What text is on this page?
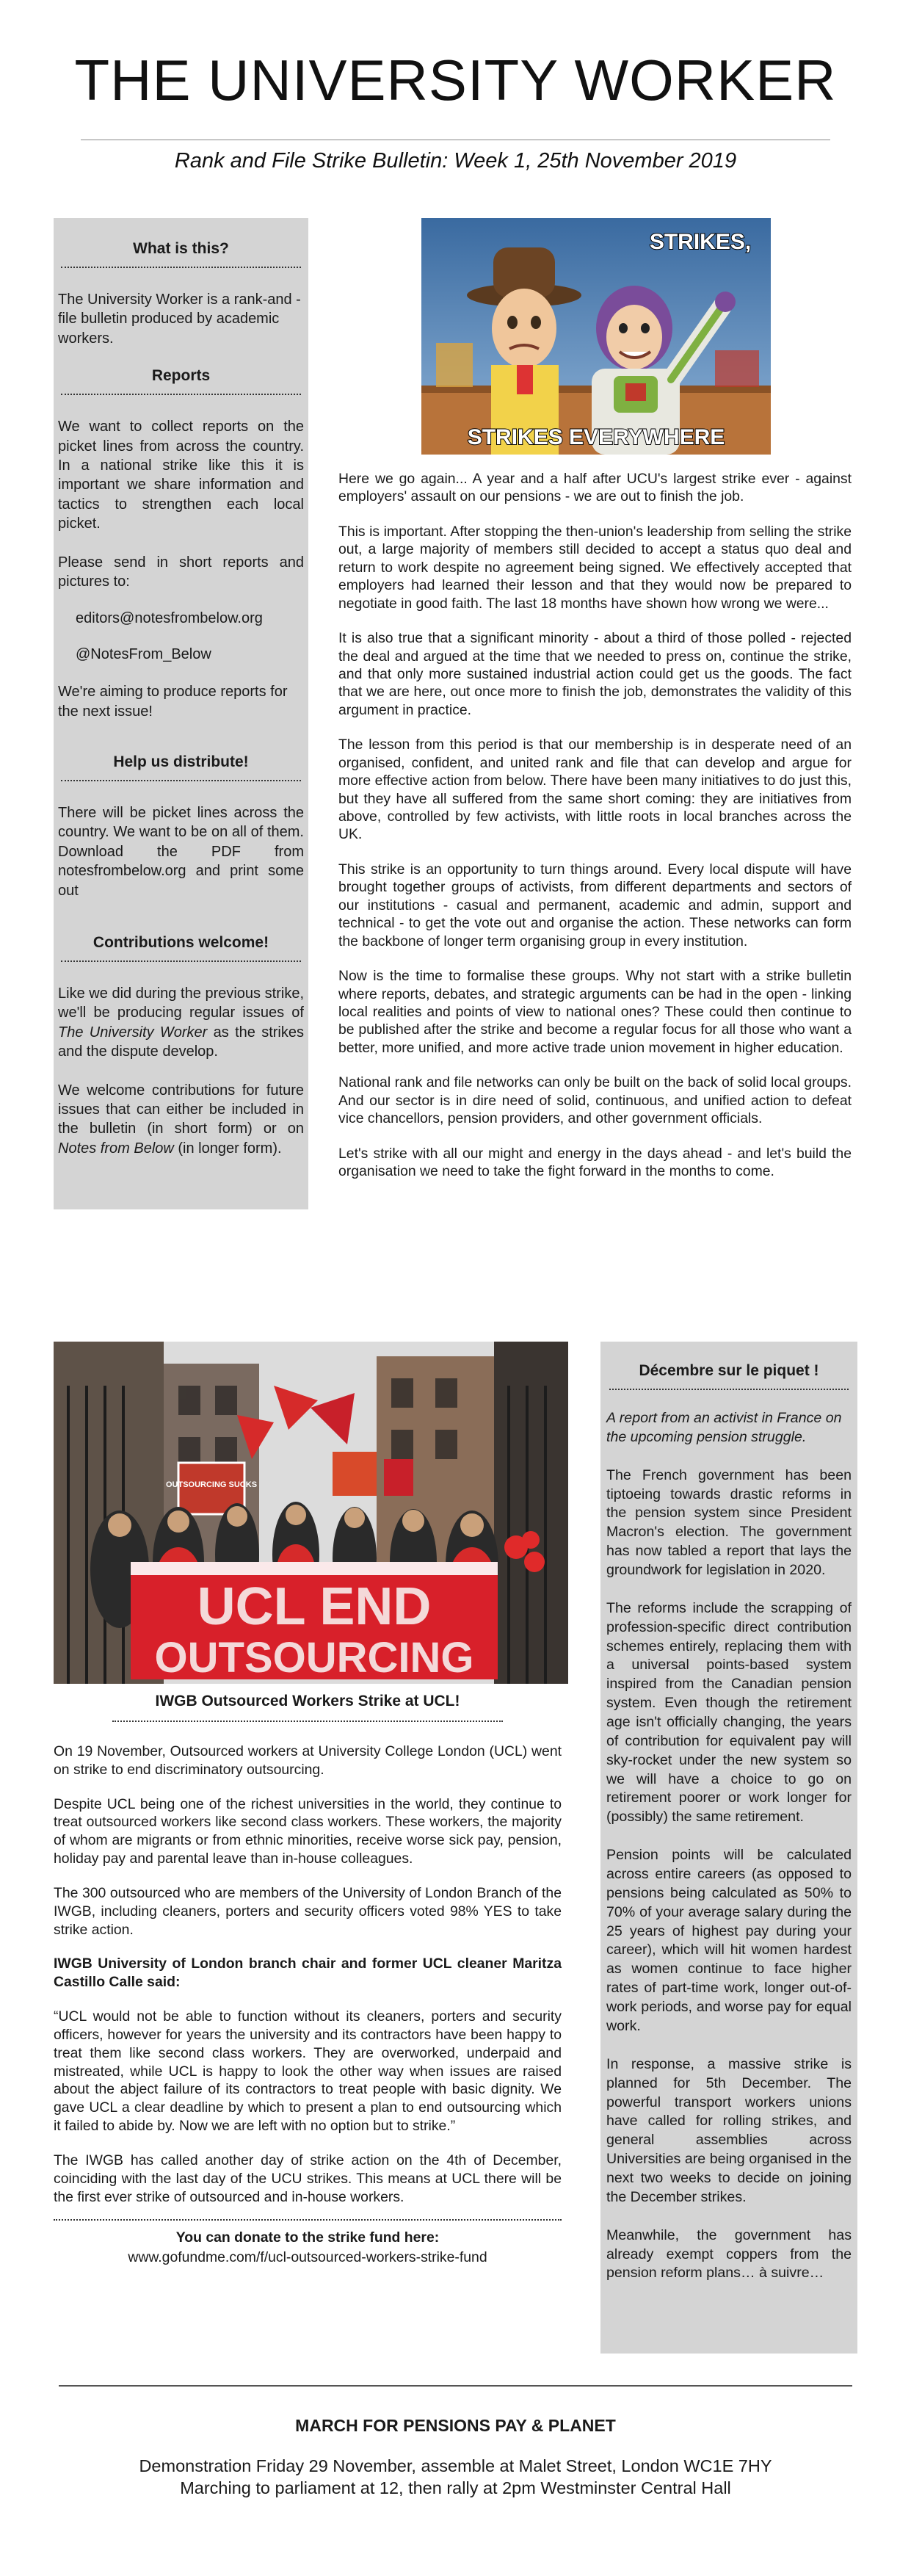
THE UNIVERSITY WORKER
Rank and File Strike Bulletin: Week 1, 25th November 2019
What is this?

The University Worker is a rank-and -file bulletin produced by academic workers.

Reports

We want to collect reports on the picket lines from across the country. In a national strike like this it is important we share information and tactics to strengthen each local picket.

Please send in short reports and pictures to:

editors@notesfrombelow.org

@NotesFrom_Below

We're aiming to produce reports for the next issue!

Help us distribute!

There will be picket lines across the country. We want to be on all of them. Download the PDF from notesfrombelow.org and print some out

Contributions welcome!

Like we did during the previous strike, we'll be producing regular issues of The University Worker as the strikes and the dispute develop.

We welcome contributions for future issues that can either be included in the bulletin (in short form) or on Notes from Below (in longer form).

STRIKES,
STRIKES EVERYWHERE

Here we go again... A year and a half after UCU's largest strike ever - against employers' assault on our pensions - we are out to finish the job.

This is important. After stopping the then-union's leadership from selling the strike out, a large majority of members still decided to accept a status quo deal and return to work despite no agreement being signed. We effectively accepted that employers had learned their lesson and that they would now be prepared to negotiate in good faith. The last 18 months have shown how wrong we were...

It is also true that a significant minority - about a third of those polled - rejected the deal and argued at the time that we needed to press on, continue the strike, and that only more sustained industrial action could get us the goods. The fact that we are here, out once more to finish the job, demonstrates the validity of this argument in practice.

The lesson from this period is that our membership is in desperate need of an organised, confident, and united rank and file that can develop and argue for more effective action from below. There have been many initiatives to do just this, but they have all suffered from the same short coming: they are initiatives from above, controlled by few activists, with little roots in local branches across the UK.

This strike is an opportunity to turn things around. Every local dispute will have brought together groups of activists, from different departments and sectors of our institutions - casual and permanent, academic and admin, support and technical - to get the vote out and organise the action. These networks can form the backbone of longer term organising group in every institution.

Now is the time to formalise these groups. Why not start with a strike bulletin where reports, debates, and strategic arguments can be had in the open - linking local realities and points of view to national ones? These could then continue to be published after the strike and become a regular focus for all those who want a better, more unified, and more active trade union movement in higher education.

National rank and file networks can only be built on the back of solid local groups. And our sector is in dire need of solid, continuous, and unified action to defeat vice chancellors, pension providers, and other government officials.

Let's strike with all our might and energy in the days ahead - and let's build the organisation we need to take the fight forward in the months to come.

OUTSOURCING SUCKS
UCL END
OUTSOURCING
IWGB Outsourced Workers Strike at UCL!

On 19 November, Outsourced workers at University College London (UCL) went on strike to end discriminatory outsourcing.

Despite UCL being one of the richest universities in the world, they continue to treat outsourced workers like second class workers. These workers, the majority of whom are migrants or from ethnic minorities, receive worse sick pay, pension, holiday pay and parental leave than in-house colleagues.

The 300 outsourced who are members of the University of London Branch of the IWGB, including cleaners, porters and security officers voted 98% YES to take strike action.

IWGB University of London branch chair and former UCL cleaner Maritza Castillo Calle said:

“UCL would not be able to function without its cleaners, porters and security officers, however for years the university and its contractors have been happy to treat them like second class workers. They are overworked, underpaid and mistreated, while UCL is happy to look the other way when issues are raised about the abject failure of its contractors to treat people with basic dignity. We gave UCL a clear deadline by which to present a plan to end outsourcing which it failed to abide by. Now we are left with no option but to strike.”

The IWGB has called another day of strike action on the 4th of December, coinciding with the last day of the UCU strikes. This means at UCL there will be the first ever strike of outsourced and in-house workers.

You can donate to the strike fund here:
www.gofundme.com/f/ucl-outsourced-workers-strike-fund
Décembre sur le piquet !

A report from an activist in France on the upcoming pension struggle.

The French government has been tiptoeing towards drastic reforms in the pension system since President Macron's election. The government has now tabled a report that lays the groundwork for legislation in 2020.

The reforms include the scrapping of profession-specific direct contribution schemes entirely, replacing them with a universal points-based system inspired from the Canadian pension system. Even though the retirement age isn't officially changing, the years of contribution for equivalent pay will sky-rocket under the new system so we will have a choice to go on retirement poorer or work longer for (possibly) the same retirement.

Pension points will be calculated across entire careers (as opposed to pensions being calculated as 50% to 70% of your average salary during the 25 years of highest pay during your career), which will hit women hardest as women continue to face higher rates of part-time work, longer out-of-work periods, and worse pay for equal work.

In response, a massive strike is planned for 5th December. The powerful transport workers unions have called for rolling strikes, and general assemblies across Universities are being organised in the next two weeks to decide on joining the December strikes.

Meanwhile, the government has already exempt coppers from the pension reform plans… à suivre…

MARCH FOR PENSIONS PAY & PLANET
Demonstration Friday 29 November, assemble at Malet Street, London WC1E 7HY
Marching to parliament at 12, then rally at 2pm Westminster Central Hall
